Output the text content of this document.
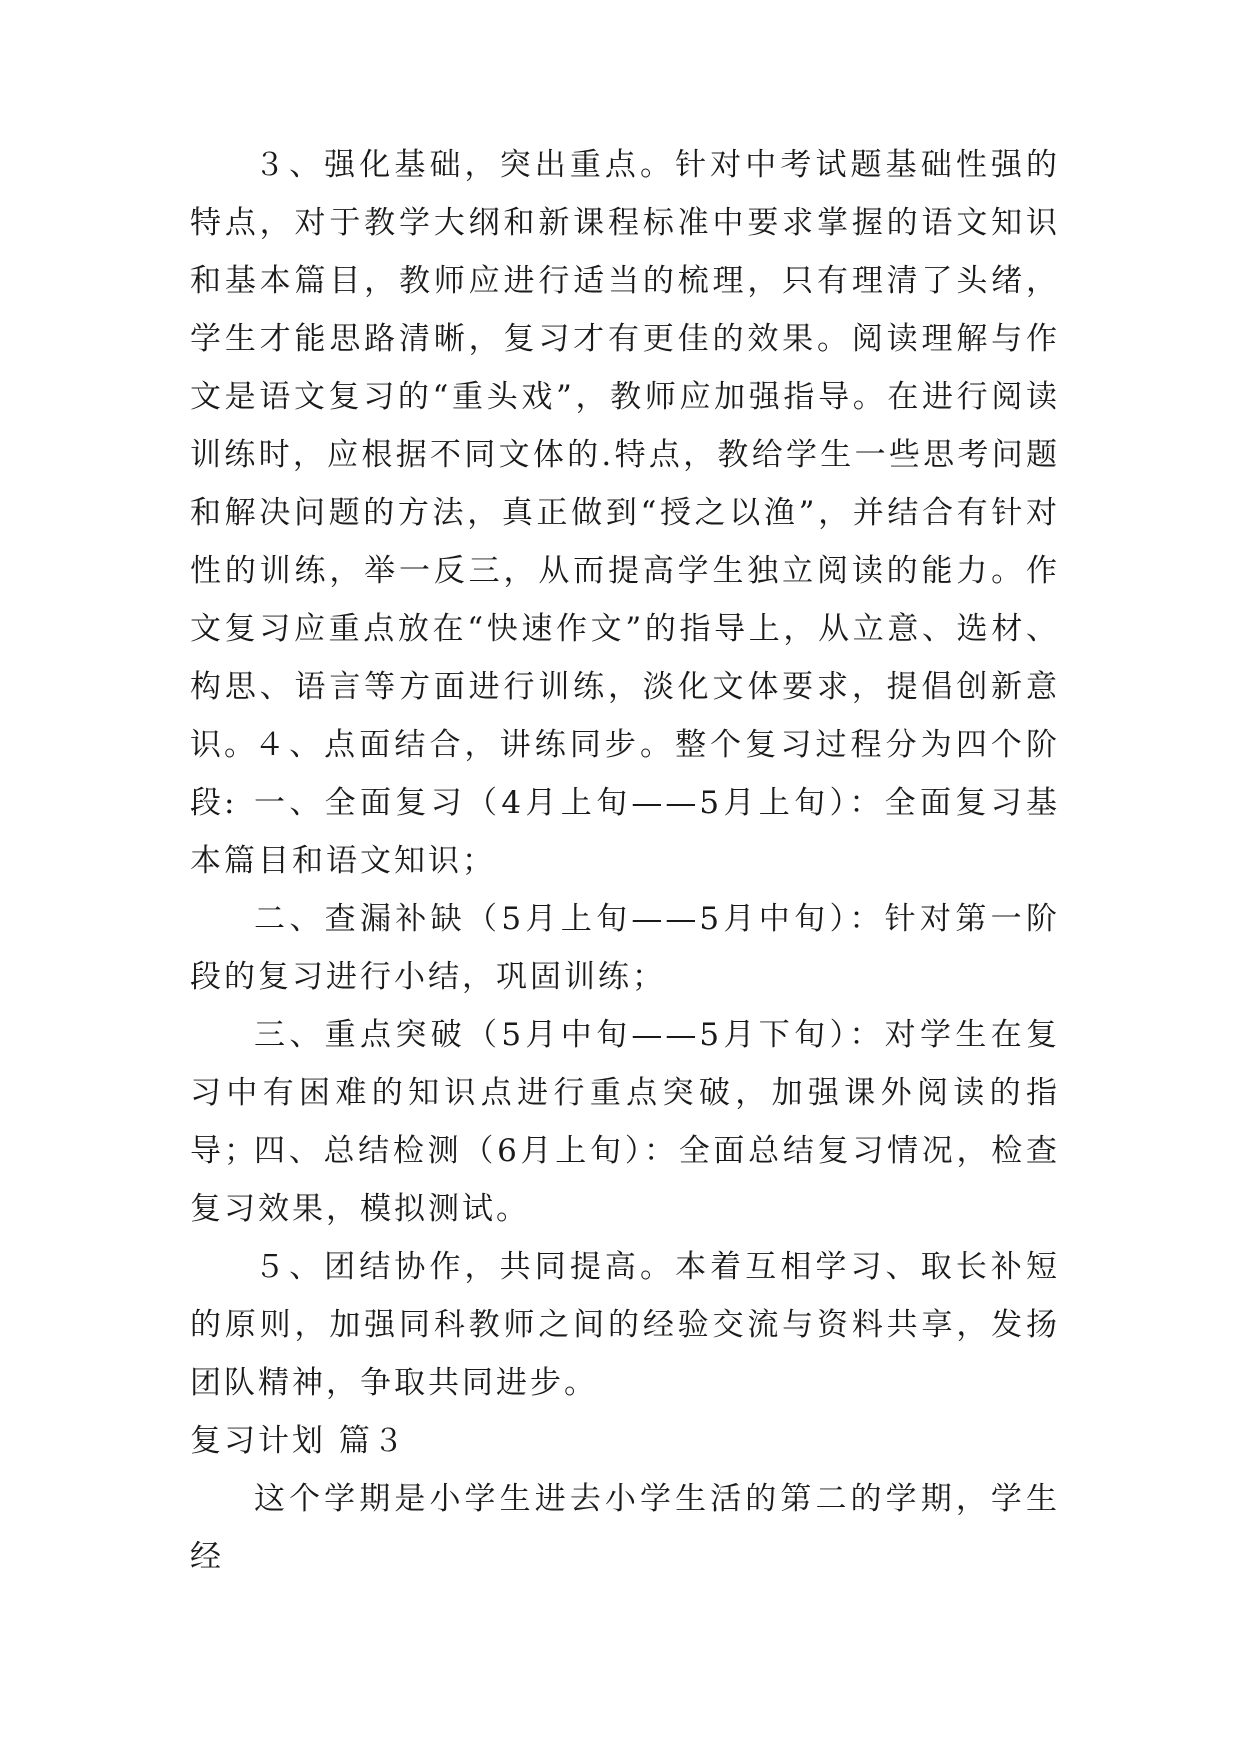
３、强化基础，突出重点。针对中考试题基础性强的特点，对于教学大纲和新课程标准中要求掌握的语文知识和基本篇目，教师应进行适当的梳理，只有理清了头绪，学生才能思路清晰，复习才有更佳的效果。阅读理解与作文是语文复习的“重头戏”，教师应加强指导。在进行阅读训练时，应根据不同文体的.特点，教给学生一些思考问题和解决问题的方法，真正做到“授之以渔”，并结合有针对性的训练，举一反三，从而提高学生独立阅读的能力。作文复习应重点放在“快速作文”的指导上，从立意、选材、构思、语言等方面进行训练，淡化文体要求，提倡创新意识。

４、点面结合，讲练同步。整个复习过程分为四个阶段: 一、全面复习（4月上旬——5月上旬）：全面复习基本篇目和语文知识；

二、查漏补缺（5月上旬——5月中旬）：针对第一阶段的复习进行小结，巩固训练；

三、重点突破（5月中旬——5月下旬）：对学生在复习中有困难的知识点进行重点突破，加强课外阅读的指导；

四、总结检测（6月上旬）：全面总结复习情况，检查复习效果，模拟测试。

５、团结协作，共同提高。本着互相学习、取长补短的原则，加强同科教师之间的经验交流与资料共享，发扬团队精神，争取共同进步。

复习计划 篇３

这个学期是小学生进去小学生活的第二的学期，学生经
